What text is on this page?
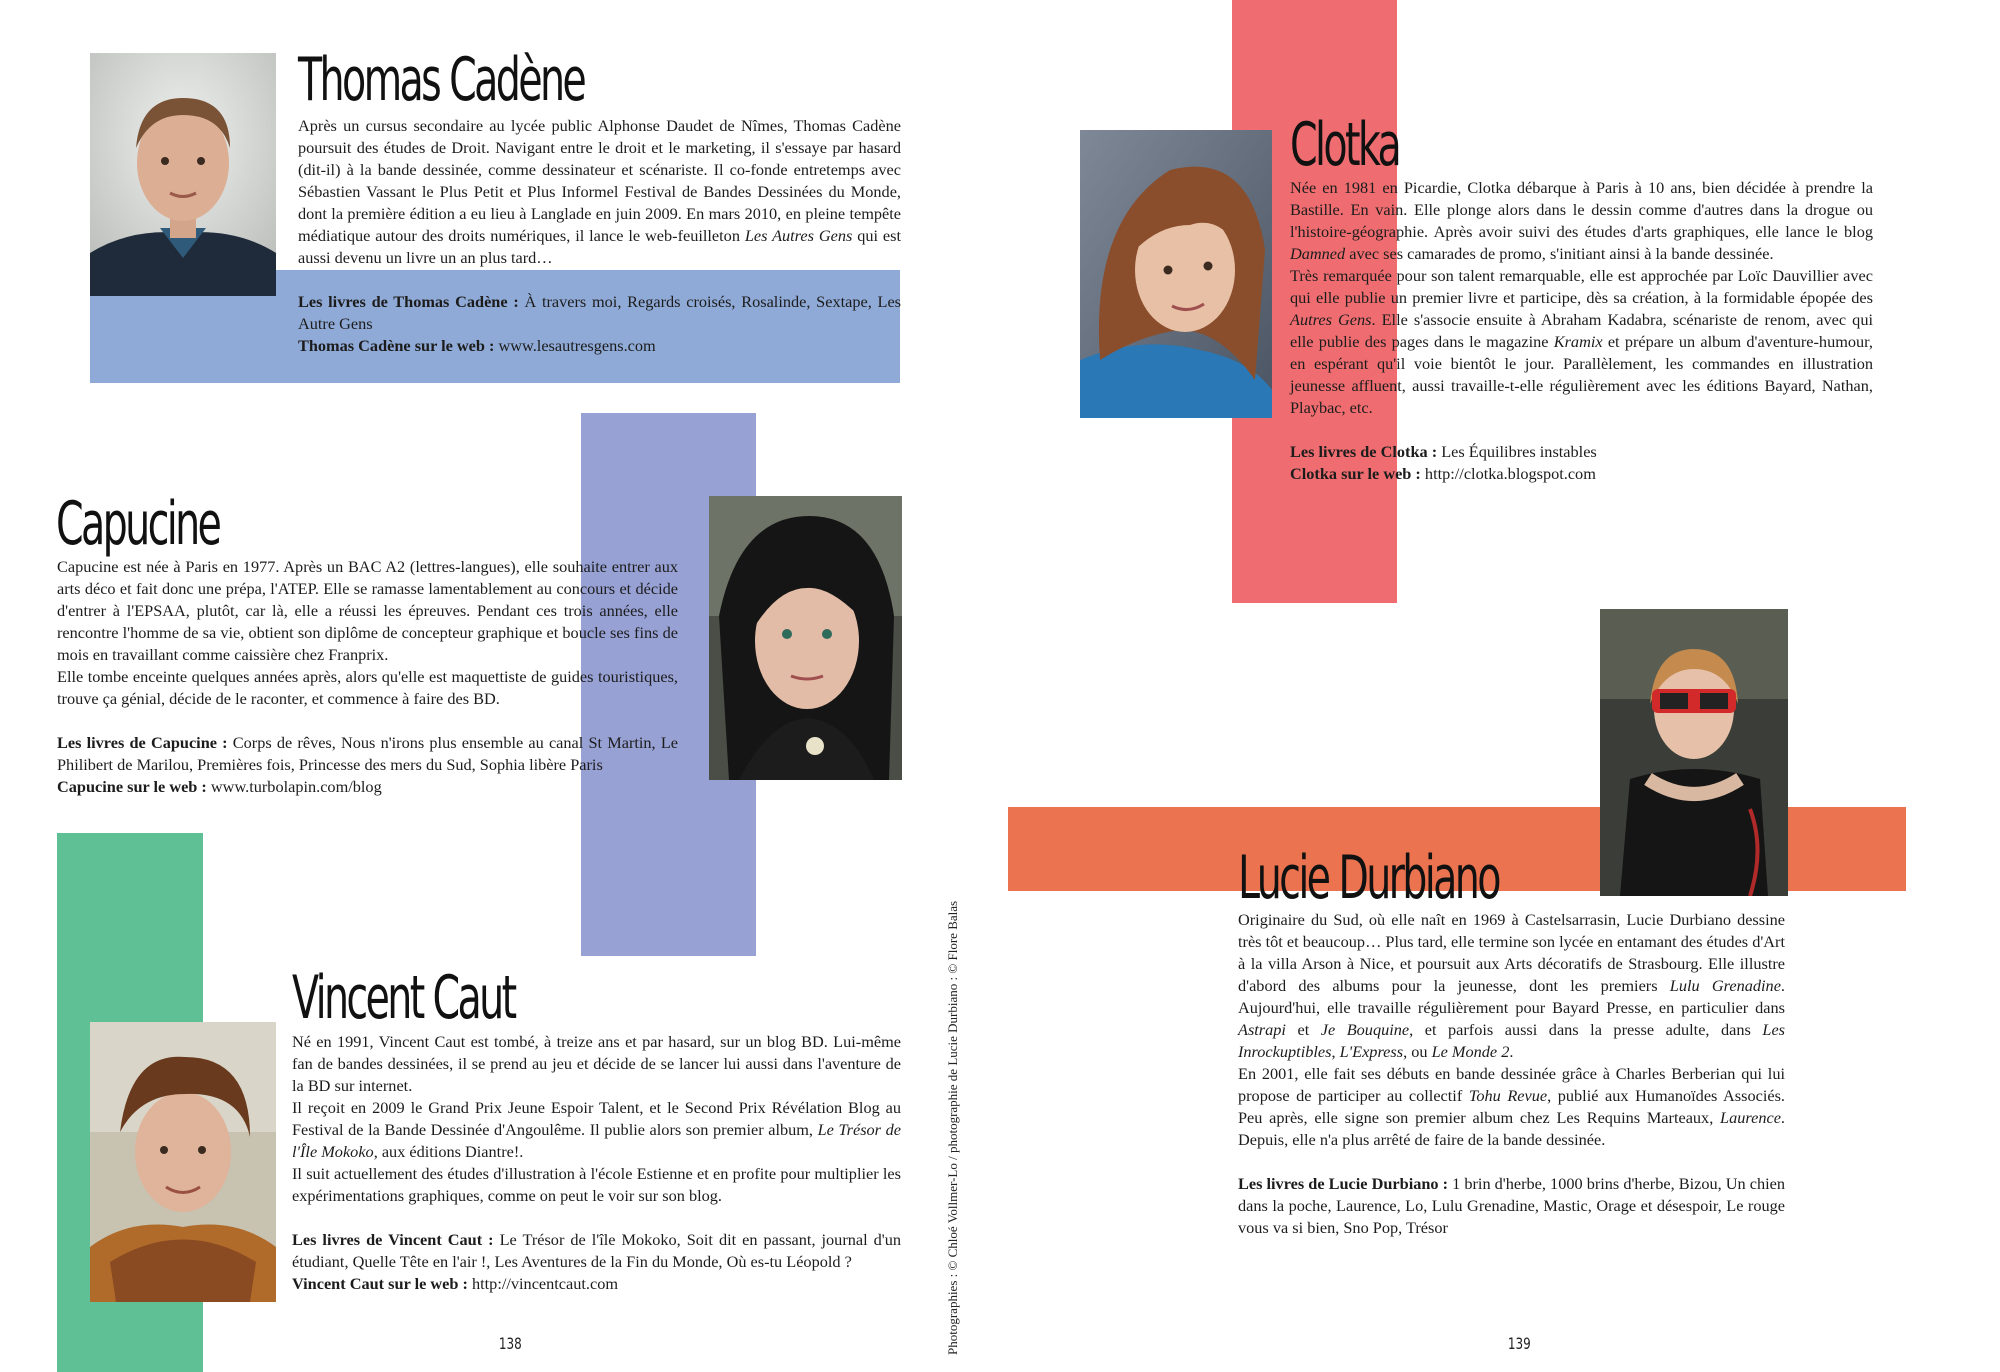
Thomas Cadène
Capucine
Vincent Caut
Clotka
Lucie Durbiano

Après un cursus secondaire au lycée public Alphonse Daudet de Nîmes, Thomas Cadène poursuit des études de Droit. Navigant entre le droit et le marketing, il s'essaye par hasard (dit-il) à la bande dessinée, comme dessinateur et scénariste. Il co-fonde entretemps avec Sébastien Vassant le Plus Petit et Plus Informel Festival de Bandes Dessinées du Monde, dont la première édition a eu lieu à Langlade en juin 2009. En mars 2010, en pleine tempête médiatique autour des droits numériques, il lance le web-feuilleton Les Autres Gens qui est aussi devenu un livre un an plus tard…

Les livres de Thomas Cadène : À travers moi, Regards croisés, Rosalinde, Sextape, Les Autre Gens

Thomas Cadène sur le web : www.lesautresgens.com

Capucine est née à Paris en 1977. Après un BAC A2 (lettres-langues), elle souhaite entrer aux arts déco et fait donc une prépa, l'ATEP. Elle se ramasse lamentablement au concours et décide d'entrer à l'EPSAA, plutôt, car là, elle a réussi les épreuves. Pendant ces trois années, elle rencontre l'homme de sa vie, obtient son diplôme de concepteur graphique et boucle ses fins de mois en travaillant comme caissière chez Franprix.

Elle tombe enceinte quelques années après, alors qu'elle est maquettiste de guides touristiques, trouve ça génial, décide de le raconter, et commence à faire des BD.

Les livres de Capucine : Corps de rêves, Nous n'irons plus ensemble au canal St Martin, Le Philibert de Marilou, Premières fois, Princesse des mers du Sud, Sophia libère Paris

Capucine sur le web : www.turbolapin.com/blog

Né en 1991, Vincent Caut est tombé, à treize ans et par hasard, sur un blog BD. Lui-même fan de bandes dessinées, il se prend au jeu et décide de se lancer lui aussi dans l'aventure de la BD sur internet.

Il reçoit en 2009 le Grand Prix Jeune Espoir Talent, et le Second Prix Révélation Blog au Festival de la Bande Dessinée d'Angoulême. Il publie alors son premier album, Le Trésor de l'Île Mokoko, aux éditions Diantre!.

Il suit actuellement des études d'illustration à l'école Estienne et en profite pour multiplier les expérimentations graphiques, comme on peut le voir sur son blog.

Les livres de Vincent Caut : Le Trésor de l'île Mokoko, Soit dit en passant, journal d'un étudiant, Quelle Tête en l'air !, Les Aventures de la Fin du Monde, Où es-tu Léopold ?

Vincent Caut sur le web : http://vincentcaut.com

Née en 1981 en Picardie, Clotka débarque à Paris à 10 ans, bien décidée à prendre la Bastille. En vain. Elle plonge alors dans le dessin comme d'autres dans la drogue ou l'histoire-géographie. Après avoir suivi des études d'arts graphiques, elle lance le blog Damned avec ses camarades de promo, s'initiant ainsi à la bande dessinée.

Très remarquée pour son talent remarquable, elle est approchée par Loïc Dauvillier avec qui elle publie un premier livre et participe, dès sa création, à la formidable épopée des Autres Gens. Elle s'associe ensuite à Abraham Kadabra, scénariste de renom, avec qui elle publie des pages dans le magazine Kramix et prépare un album d'aventure-humour, en espérant qu'il voie bientôt le jour. Parallèlement, les commandes en illustration jeunesse affluent, aussi travaille-t-elle régulièrement avec les éditions Bayard, Nathan, Playbac, etc.

Les livres de Clotka : Les Équilibres instables

Clotka sur le web : http://clotka.blogspot.com

Originaire du Sud, où elle naît en 1969 à Castelsarrasin, Lucie Durbiano dessine très tôt et beaucoup… Plus tard, elle termine son lycée en entamant des études d'Art à la villa Arson à Nice, et poursuit aux Arts décoratifs de Strasbourg. Elle illustre d'abord des albums pour la jeunesse, dont les premiers Lulu Grenadine. Aujourd'hui, elle travaille régulièrement pour Bayard Presse, en particulier dans Astrapi et Je Bouquine, et parfois aussi dans la presse adulte, dans Les Inrockuptibles, L'Express, ou Le Monde 2.

En 2001, elle fait ses débuts en bande dessinée grâce à Charles Berberian qui lui propose de participer au collectif Tohu Revue, publié aux Humanoïdes Associés. Peu après, elle signe son premier album chez Les Requins Marteaux, Laurence. Depuis, elle n'a plus arrêté de faire de la bande dessinée.

Les livres de Lucie Durbiano : 1 brin d'herbe, 1000 brins d'herbe, Bizou, Un chien dans la poche, Laurence, Lo, Lulu Grenadine, Mastic, Orage et désespoir, Le rouge vous va si bien, Sno Pop, Trésor

Photographies : © Chloé Vollmer-Lo / photographie de Lucie Durbiano : © Flore Balas
138	139
